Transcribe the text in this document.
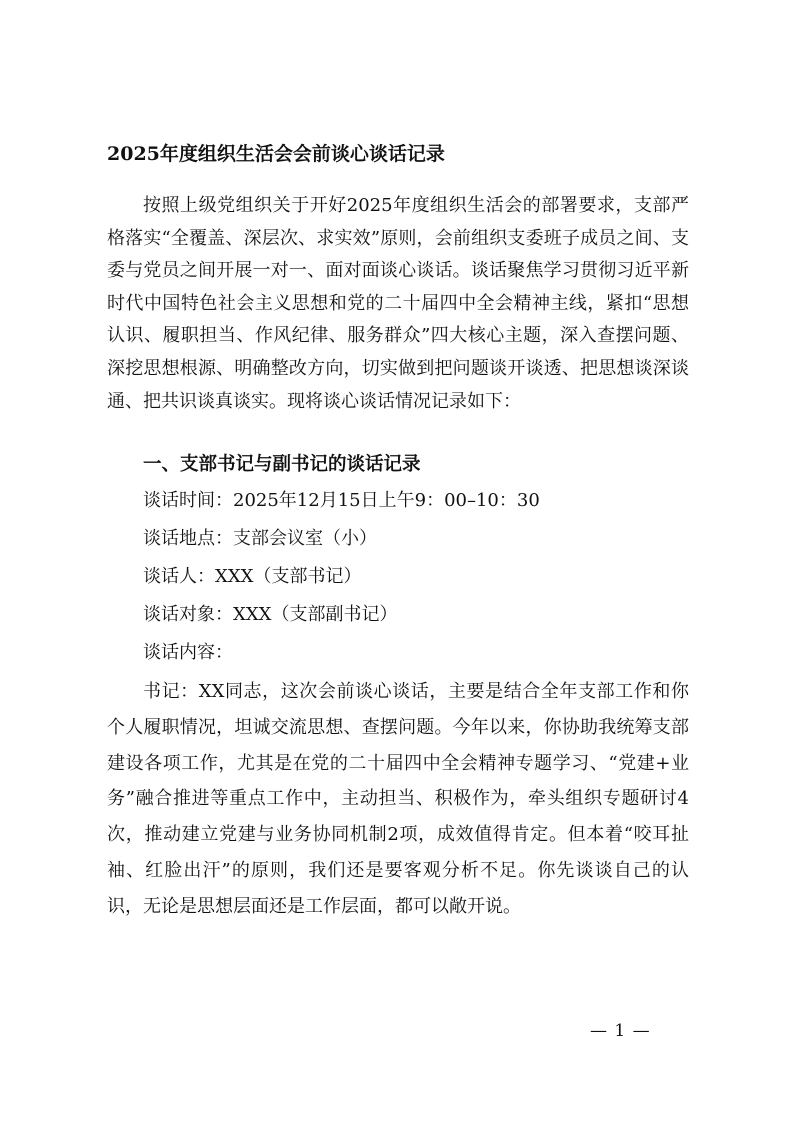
2025年度组织生活会会前谈心谈话记录

按照上级党组织关于开好2025年度组织生活会的部署要求，支部严格落实“全覆盖、深层次、求实效”原则，会前组织支委班子成员之间、支委与党员之间开展一对一、面对面谈心谈话。谈话聚焦学习贯彻习近平新时代中国特色社会主义思想和党的二十届四中全会精神主线，紧扣“思想认识、履职担当、作风纪律、服务群众”四大核心主题，深入查摆问题、深挖思想根源、明确整改方向，切实做到把问题谈开谈透、把思想谈深谈通、把共识谈真谈实。现将谈心谈话情况记录如下：

一、支部书记与副书记的谈话记录

谈话时间：2025年12月15日上午9：00–10：30

谈话地点：支部会议室（小）

谈话人：XXX（支部书记）

谈话对象：XXX（支部副书记）

谈话内容：

书记：XX同志，这次会前谈心谈话，主要是结合全年支部工作和你个人履职情况，坦诚交流思想、查摆问题。今年以来，你协助我统筹支部建设各项工作，尤其是在党的二十届四中全会精神专题学习、“党建+业务”融合推进等重点工作中，主动担当、积极作为，牵头组织专题研讨4次，推动建立党建与业务协同机制2项，成效值得肯定。但本着“咬耳扯袖、红脸出汗”的原则，我们还是要客观分析不足。你先谈谈自己的认识，无论是思想层面还是工作层面，都可以敞开说。

— 1 —
